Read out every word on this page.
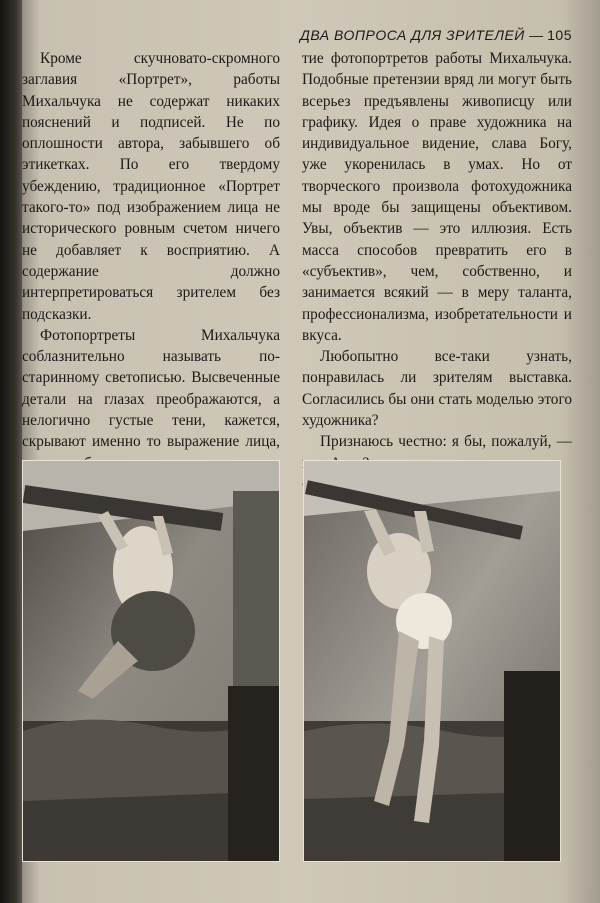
ДВА ВОПРОСА ДЛЯ ЗРИТЕЛЕЙ — 105

Кроме скучновато-скромного заглавия «Портрет», работы Михальчука не содержат никаких пояснений и подписей. Не по оплошности автора, забывшего об этикетках. По его твердому убеждению, традиционное «Портрет такого-то» под изображением лица не исторического ровным счетом ничего не добавляет к восприятию. А содержание должно интерпретироваться зрителем без подсказки.

Фотопортреты Михальчука соблазнительно называть по-старинному светописью. Высвеченные детали на глазах преображаются, а нелогично густые тени, кажется, скрывают именно то выражение лица,

тие фотопортретов работы Михальчука. Подобные претензии вряд ли могут быть всерьез предъявлены живописцу или графику. Идея о праве художника на индивидуальное видение, слава Богу, уже укоренилась в умах. Но от творческого произвола фотохудожника мы вроде бы защищены объективом. Увы, объектив — это иллюзия. Есть масса способов превратить его в «субъектив», чем, собственно, и занимается всякий — в меру таланта, профессионализма, изобретательности и вкуса.

Любопытно все-таки узнать, понравилась ли зрителям выставка. Согласились бы они стать моделью этого художника?

Признаюсь честно: я бы, пожалуй, —
